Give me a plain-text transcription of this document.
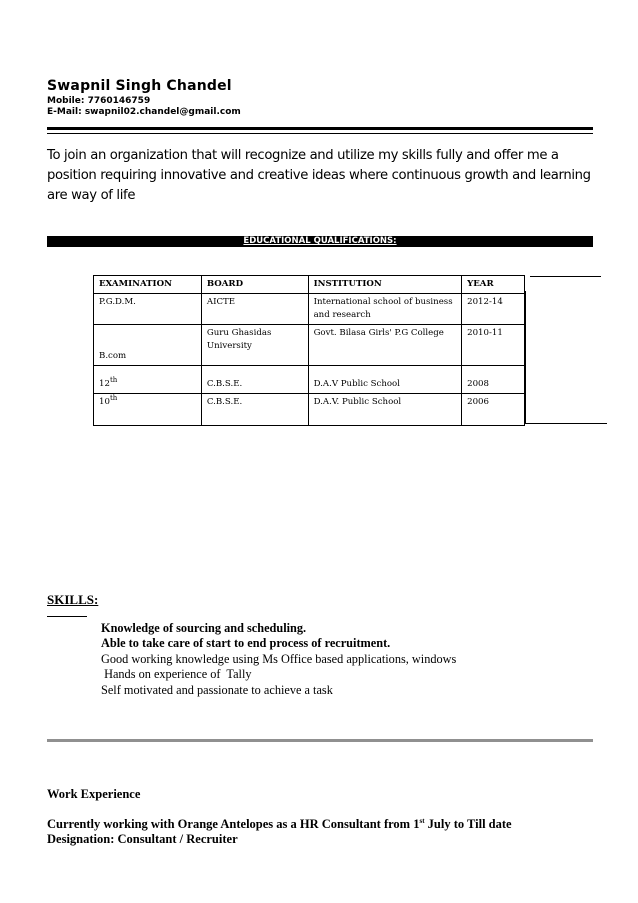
Swapnil Singh Chandel
Mobile: 7760146759
E-Mail: swapnil02.chandel@gmail.com
To join an organization that will recognize and utilize my skills fully and offer me a position requiring innovative and creative ideas where continuous growth and learning are way of life
EDUCATIONAL QUALIFICATIONS:
EXAMINATION	BOARD	INSTITUTION	YEAR
P.G.D.M.	AICTE	International school of business and research	2012-14
B.com	Guru Ghasidas University	Govt. Bilasa Girls' P.G College	2010-11
12th	C.B.S.E.	D.A.V Public School	2008
10th	C.B.S.E.	D.A.V. Public School	2006
SKILLS:
Knowledge of sourcing and scheduling.
Able to take care of start to end process of recruitment.
Good working knowledge using Ms Office based applications, windows
Hands on experience of  Tally
Self motivated and passionate to achieve a task
Work Experience
Currently working with Orange Antelopes as a HR Consultant from 1st July to Till date
Designation: Consultant / Recruiter
